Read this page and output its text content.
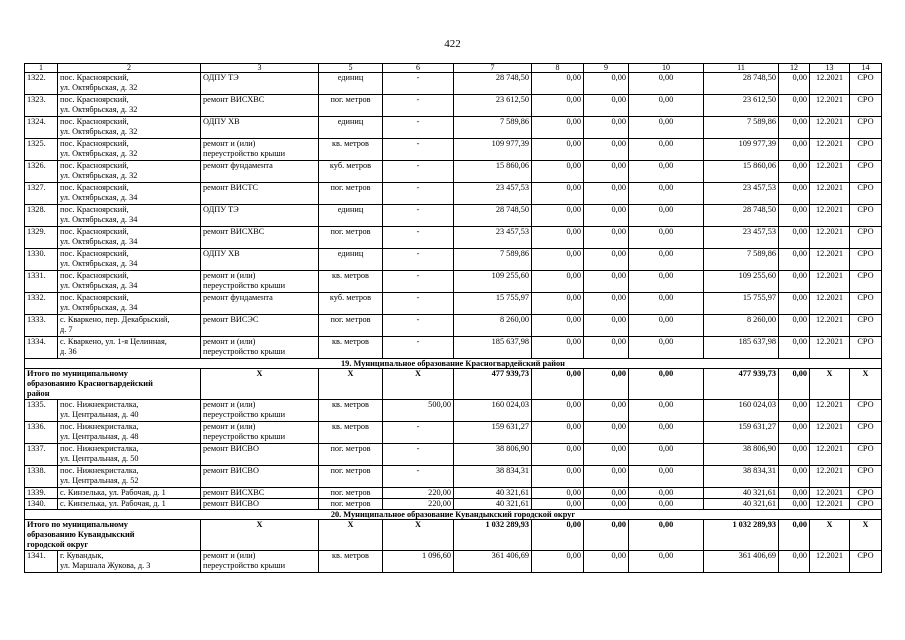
422
1	2	3	5	6	7	8	9	10	11	12	13	14
1322.	пос. Красноярский,
ул. Октябрьская, д. 32	ОДПУ ТЭ	единиц	-	28 748,50	0,00	0,00	0,00	28 748,50	0,00	12.2021	СРО
1323.	пос. Красноярский,
ул. Октябрьская, д. 32	ремонт ВИСХВС	пог. метров	-	23 612,50	0,00	0,00	0,00	23 612,50	0,00	12.2021	СРО
1324.	пос. Красноярский,
ул. Октябрьская, д. 32	ОДПУ ХВ	единиц	-	7 589,86	0,00	0,00	0,00	7 589,86	0,00	12.2021	СРО
1325.	пос. Красноярский,
ул. Октябрьская, д. 32	ремонт и (или)
переустройство крыши	кв. метров	-	109 977,39	0,00	0,00	0,00	109 977,39	0,00	12.2021	СРО
1326.	пос. Красноярский,
ул. Октябрьская, д. 32	ремонт фундамента	куб. метров	-	15 860,06	0,00	0,00	0,00	15 860,06	0,00	12.2021	СРО
1327.	пос. Красноярский,
ул. Октябрьская, д. 34	ремонт ВИСТС	пог. метров	-	23 457,53	0,00	0,00	0,00	23 457,53	0,00	12.2021	СРО
1328.	пос. Красноярский,
ул. Октябрьская, д. 34	ОДПУ ТЭ	единиц	-	28 748,50	0,00	0,00	0,00	28 748,50	0,00	12.2021	СРО
1329.	пос. Красноярский,
ул. Октябрьская, д. 34	ремонт ВИСХВС	пог. метров	-	23 457,53	0,00	0,00	0,00	23 457,53	0,00	12.2021	СРО
1330.	пос. Красноярский,
ул. Октябрьская, д. 34	ОДПУ ХВ	единиц	-	7 589,86	0,00	0,00	0,00	7 589,86	0,00	12.2021	СРО
1331.	пос. Красноярский,
ул. Октябрьская, д. 34	ремонт и (или)
переустройство крыши	кв. метров	-	109 255,60	0,00	0,00	0,00	109 255,60	0,00	12.2021	СРО
1332.	пос. Красноярский,
ул. Октябрьская, д. 34	ремонт фундамента	куб. метров	-	15 755,97	0,00	0,00	0,00	15 755,97	0,00	12.2021	СРО
1333.	с. Кваркено, пер. Декабрьский,
д. 7	ремонт ВИСЭС	пог. метров	-	8 260,00	0,00	0,00	0,00	8 260,00	0,00	12.2021	СРО
1334.	с. Кваркено, ул. 1-я Целинная,
д. 36	ремонт и (или)
переустройство крыши	кв. метров	-	185 637,98	0,00	0,00	0,00	185 637,98	0,00	12.2021	СРО
19. Муниципальное образование Красногвардейский район												
Итого по муниципальному
образованию Красногвардейский
район		X	X	X	477 939,73	0,00	0,00	0,00	477 939,73	0,00	X	X
1335.	пос. Нижнекристалка,
ул. Центральная, д. 40	ремонт и (или)
переустройство крыши	кв. метров	500,00	160 024,03	0,00	0,00	0,00	160 024,03	0,00	12.2021	СРО
1336.	пос. Нижнекристалка,
ул. Центральная, д. 48	ремонт и (или)
переустройство крыши	кв. метров	-	159 631,27	0,00	0,00	0,00	159 631,27	0,00	12.2021	СРО
1337.	пос. Нижнекристалка,
ул. Центральная, д. 50	ремонт ВИСВО	пог. метров	-	38 806,90	0,00	0,00	0,00	38 806,90	0,00	12.2021	СРО
1338.	пос. Нижнекристалка,
ул. Центральная, д. 52	ремонт ВИСВО	пог. метров	-	38 834,31	0,00	0,00	0,00	38 834,31	0,00	12.2021	СРО
1339.	с. Кинзелька, ул. Рабочая, д. 1	ремонт ВИСХВС	пог. метров	220,00	40 321,61	0,00	0,00	0,00	40 321,61	0,00	12.2021	СРО
1340.	с. Кинзелька, ул. Рабочая, д. 1	ремонт ВИСВО	пог. метров	220,00	40 321,61	0,00	0,00	0,00	40 321,61	0,00	12.2021	СРО
20. Муниципальное образование Кувандыкский городской округ												
Итого по муниципальному
образованию Кувандыкский
городской округ		X	X	X	1 032 289,93	0,00	0,00	0,00	1 032 289,93	0,00	X	X
1341.	г. Кувандык,
ул. Маршала Жукова, д. 3	ремонт и (или)
переустройство крыши	кв. метров	1 096,60	361 406,69	0,00	0,00	0,00	361 406,69	0,00	12.2021	СРО
